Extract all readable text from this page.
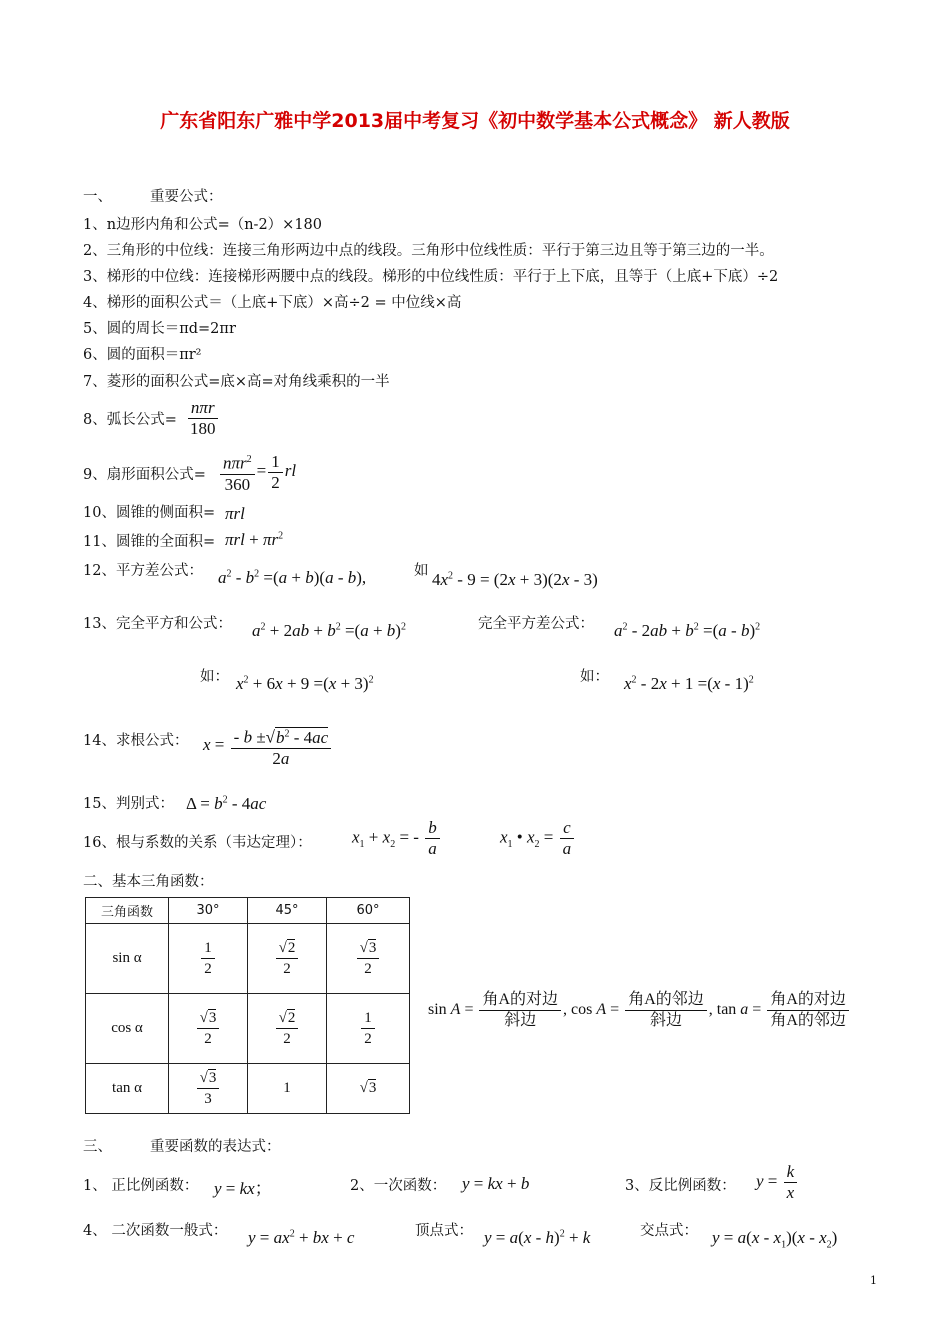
广东省阳东广雅中学2013届中考复习《初中数学基本公式概念》 新人教版
一、	重要公式：
1、n边形内角和公式=（n-2）×180
2、三角形的中位线：连接三角形两边中点的线段。三角形中位线性质：平行于第三边且等于第三边的一半。
3、梯形的中位线：连接梯形两腰中点的线段。梯形的中位线性质：平行于上下底，且等于（上底+下底）÷2
4、梯形的面积公式＝（上底+下底）×高÷2 = 中位线×高
5、圆的周长＝πd=2πr
6、圆的面积＝πr²
7、菱形的面积公式=底×高=对角线乘积的一半
8、弧长公式= $\frac{\text{nπr}}{180}$
9、扇形面积公式= $\frac{n\pi r^2}{360} = \frac{1}{2}$ rl
10、圆锥的侧面积= πrl
11、圆锥的全面积= $\pi rl + \pi r^2$
12、平方差公式： $a^2 - b^2 =(a + b)(a - b)$,	如 $4x^2 - 9 = (2x + 3)(2x - 3)$
13、完全平方和公式： $a^2 + 2ab + b^2 =(a + b)^2$	完全平方差公式： $a^2 - 2ab + b^2 =(a - b)^2$
如： $x^2 + 6x + 9 =(x + 3)^2$	如： $x^2 - 2x + 1 =(x - 1)^2$
14、求根公式： $x = \frac{- b \pm√b^2 - 4ac}{2a}$
15、判别式： $\Delta = b^2 - 4ac$
16、根与系数的关系（韦达定理）： $x_1 + x_2$ = - $\frac{b}{a}$	$x_1$ • $x_2 = \frac{c}{a}$
二、基本三角函数：
三角函数	30°	45°	60°
sin α	$\frac{1}{2}$	$\frac{√2}{2}$	$\frac{√3}{2}$

cos α	$\frac{√3}{2}$	$\frac{√2}{2}$	$\frac{1}{2}$

tan α	$\frac{√3}{3}$	1	√3
$\sin A = \frac{\text{角A的对边}}{\text{斜边}}$ , $\cos A = \frac{\text{角A的邻边}}{\text{斜边}}$ , $\tan a = \frac{\text{角A的对边}}{\text{角A的邻边}}$
三、	重要函数的表达式：
1、 正比例函数： y = kx；	2、一次函数： y = kx + b	3、反比例函数： $y = \frac{k}{x}$
4、 二次函数一般式： $y = ax^2$ + bx + c	顶点式： y = a(x - h)$^2$ + k	交点式： $y = a(x - x_1)(x - x_2)$
1
